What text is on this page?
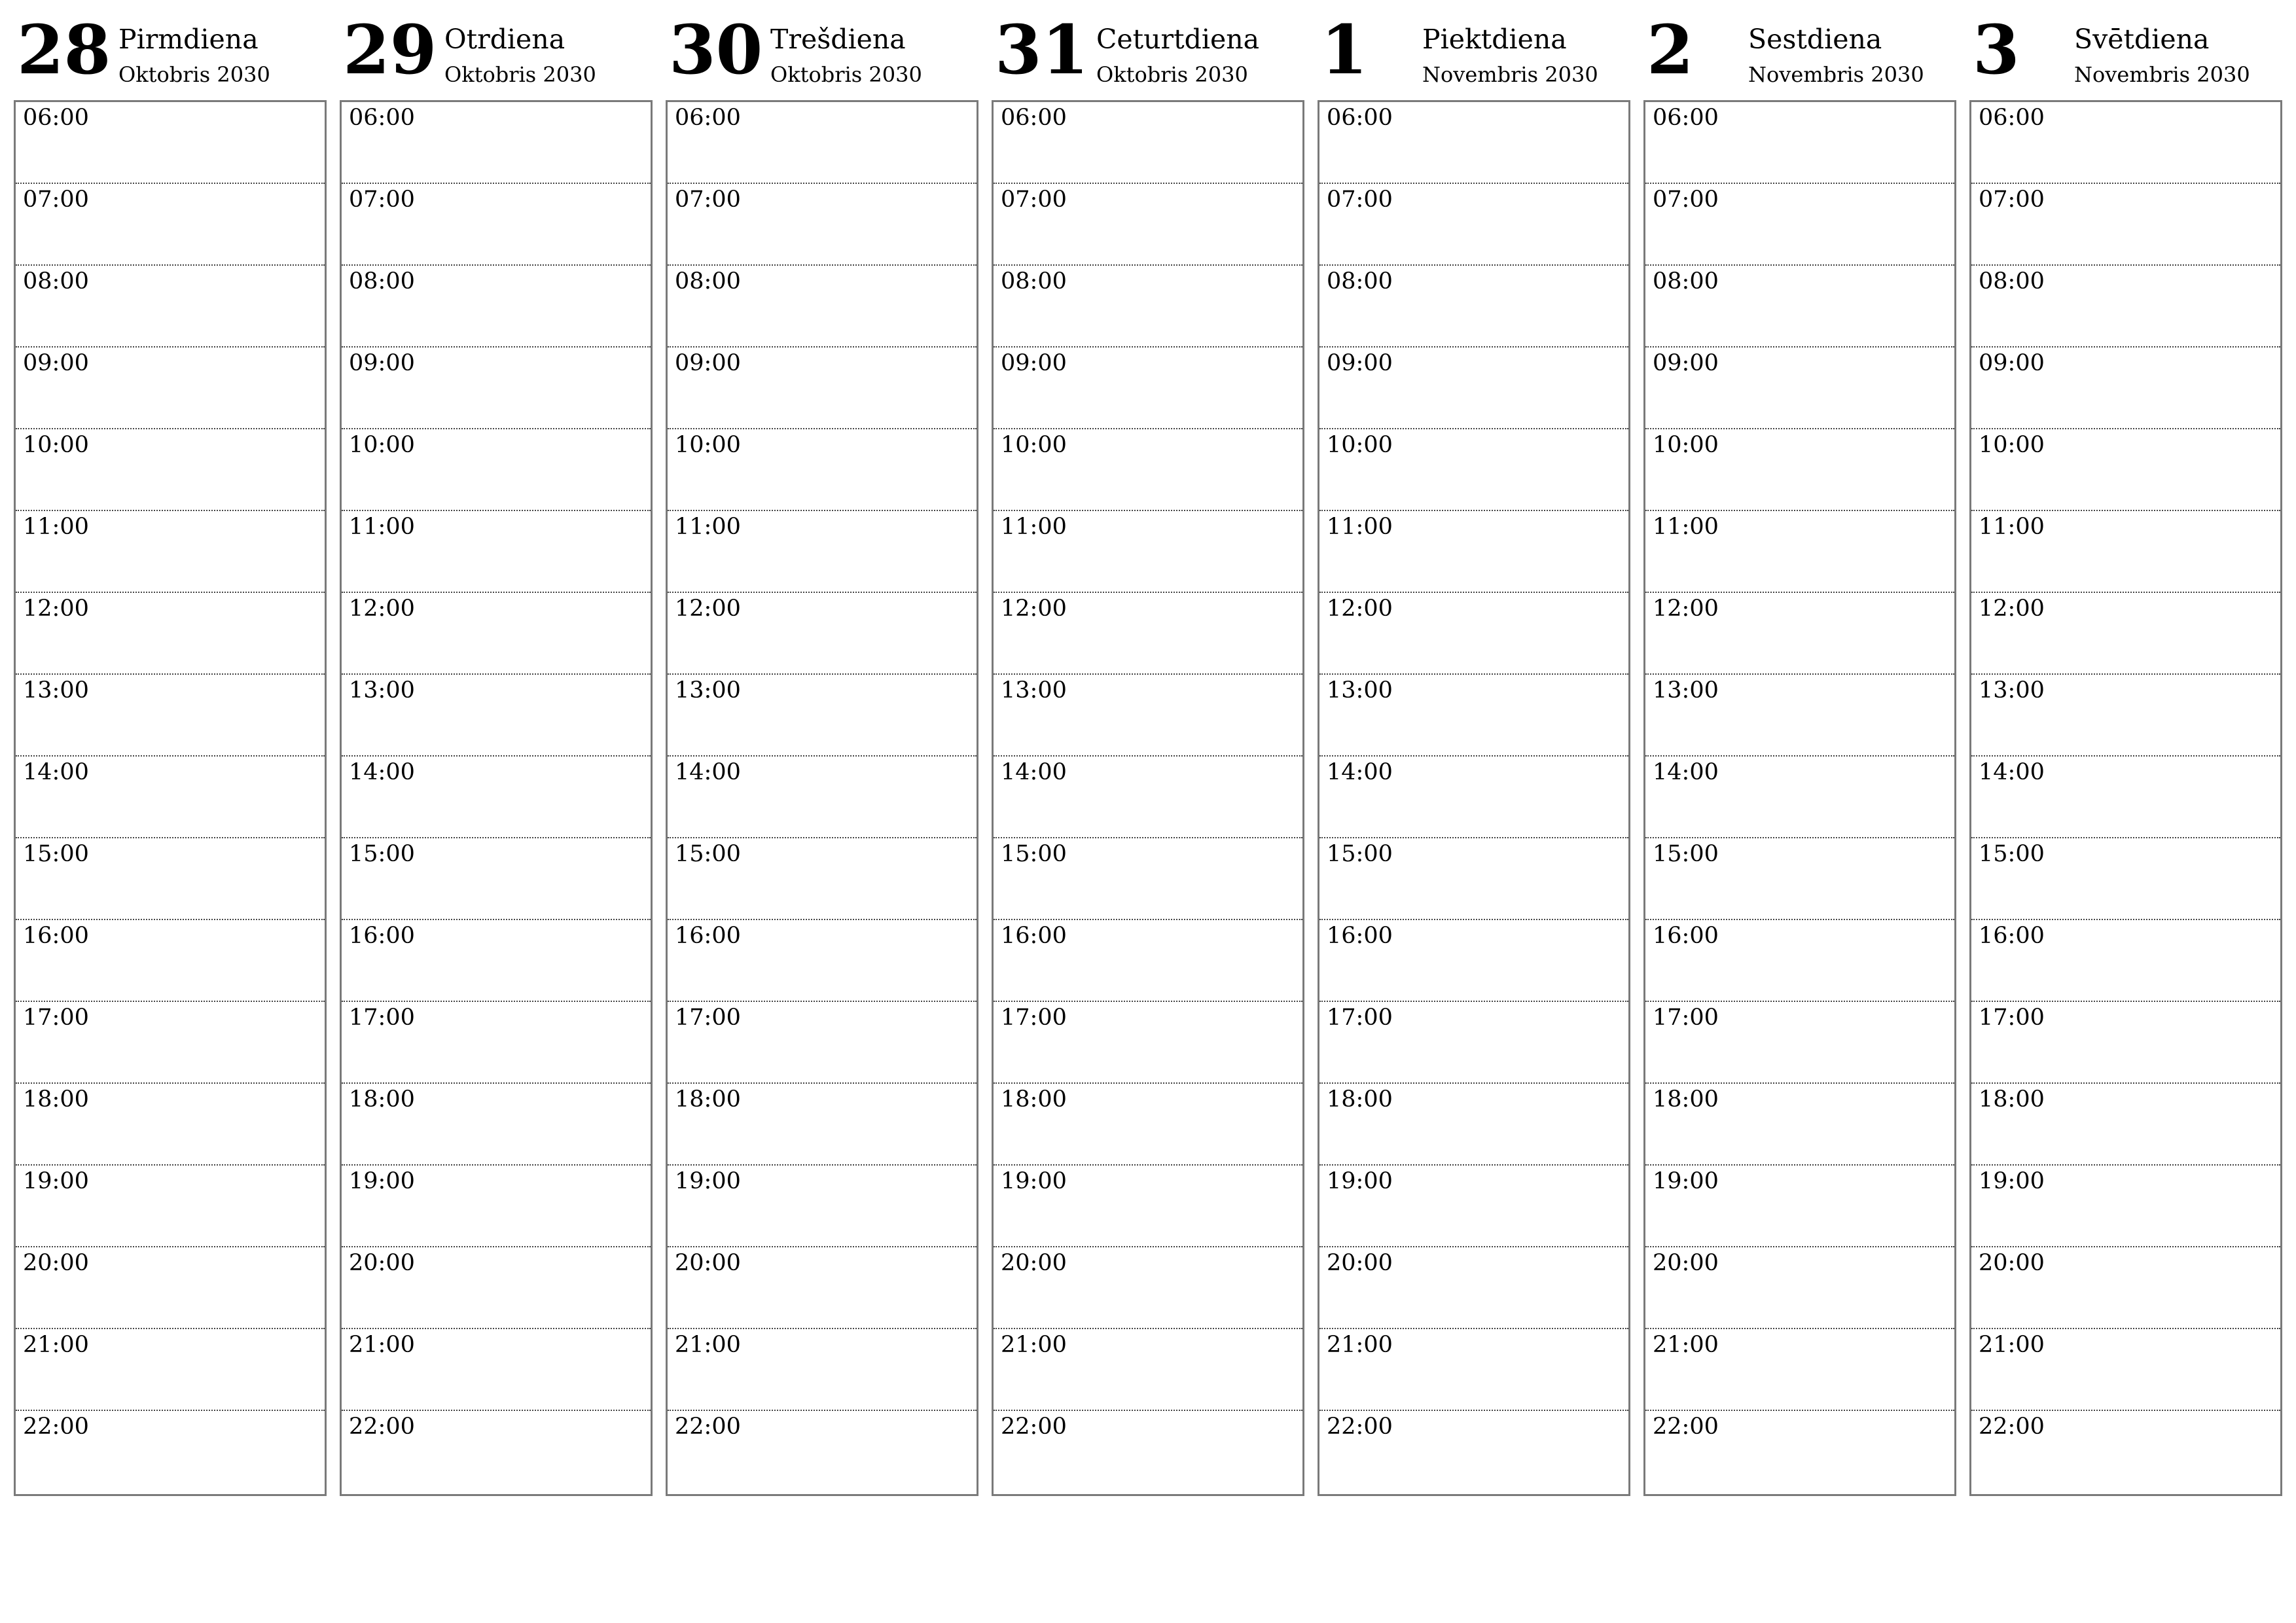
28 Pirmdiena
Oktobris 2030
06:00
07:00
08:00
09:00
10:00
11:00
12:00
13:00
14:00
15:00
16:00
17:00
18:00
19:00
20:00
21:00
22:00
29 Otrdiena
Oktobris 2030
06:00
07:00
08:00
09:00
10:00
11:00
12:00
13:00
14:00
15:00
16:00
17:00
18:00
19:00
20:00
21:00
22:00
30 Trešdiena
Oktobris 2030
06:00
07:00
08:00
09:00
10:00
11:00
12:00
13:00
14:00
15:00
16:00
17:00
18:00
19:00
20:00
21:00
22:00
31 Ceturtdiena
Oktobris 2030
06:00
07:00
08:00
09:00
10:00
11:00
12:00
13:00
14:00
15:00
16:00
17:00
18:00
19:00
20:00
21:00
22:00
1 Piektdiena
Novembris 2030
06:00
07:00
08:00
09:00
10:00
11:00
12:00
13:00
14:00
15:00
16:00
17:00
18:00
19:00
20:00
21:00
22:00
2 Sestdiena
Novembris 2030
06:00
07:00
08:00
09:00
10:00
11:00
12:00
13:00
14:00
15:00
16:00
17:00
18:00
19:00
20:00
21:00
22:00
3 Svētdiena
Novembris 2030
06:00
07:00
08:00
09:00
10:00
11:00
12:00
13:00
14:00
15:00
16:00
17:00
18:00
19:00
20:00
21:00
22:00
